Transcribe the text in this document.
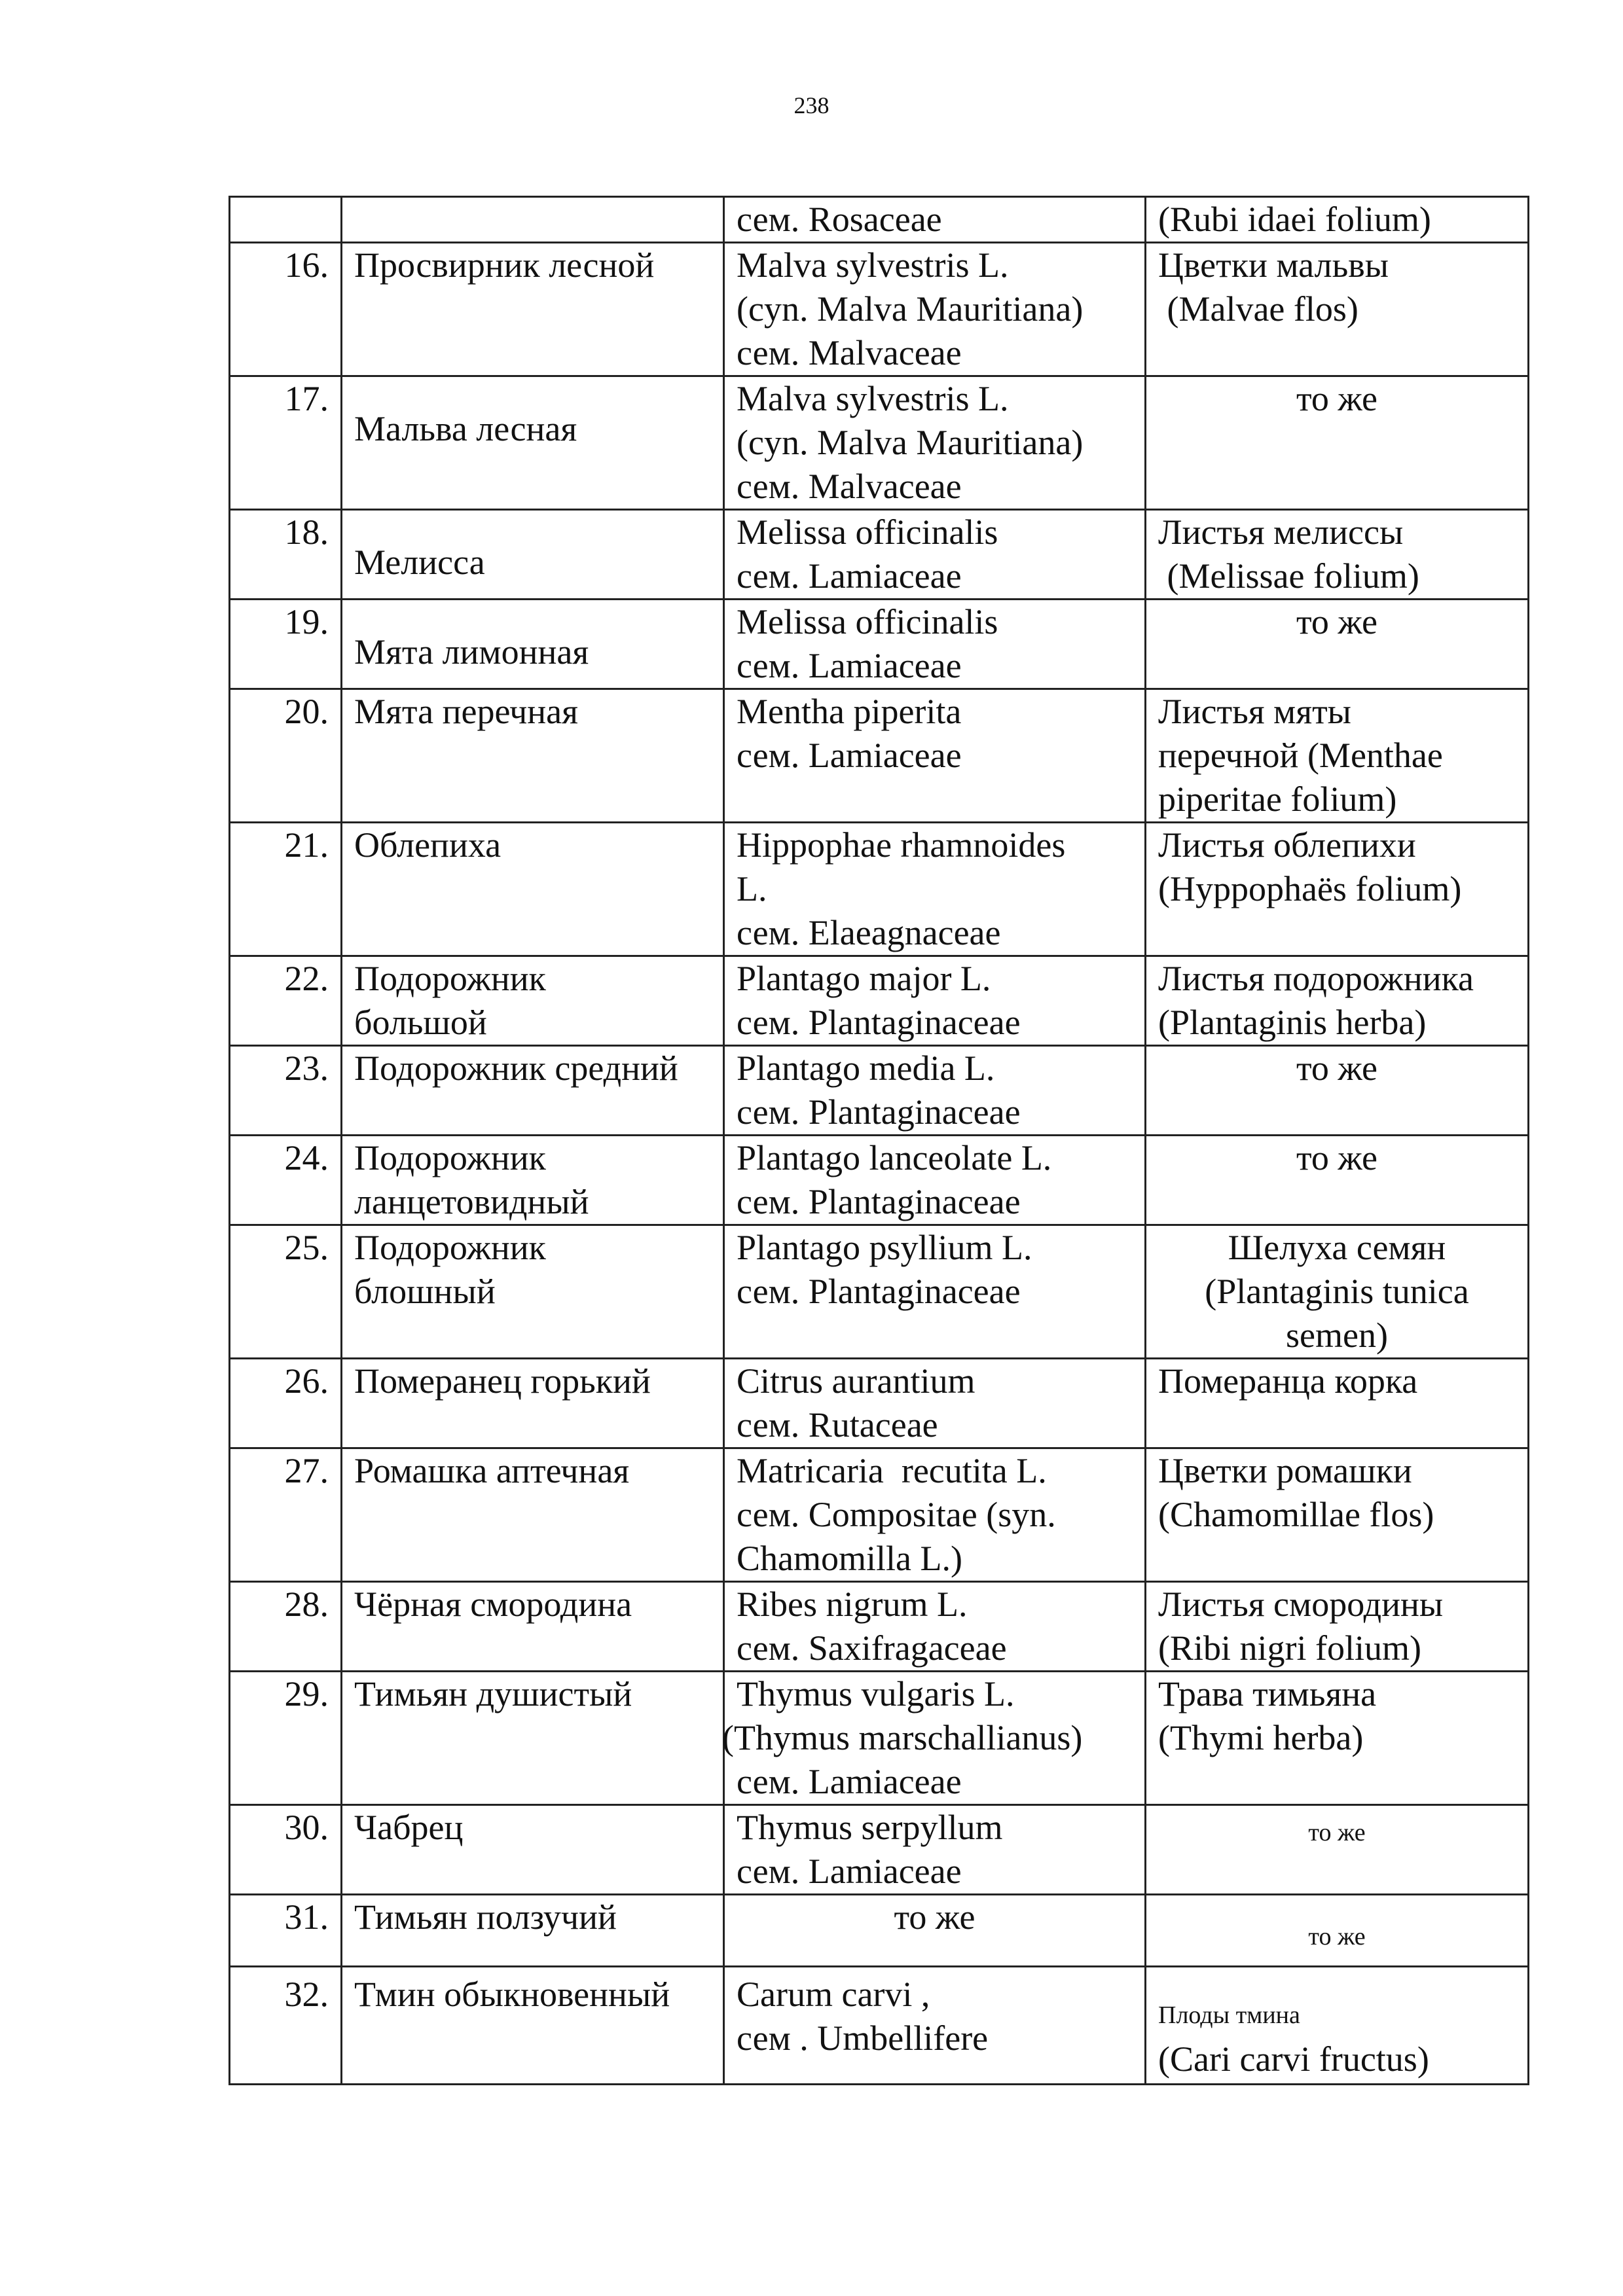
238

		сем. Rosaceae	(Rubi idaei folium)

16.	Просвирник лесной	Malva sylvestris L.
(cyn. Malva Mauritiana)
сем. Malvaceae	Цветки мальвы
(Malvae flos)

17.	Мальва лесная	Malva sylvestris L.
(cyn. Malva Mauritiana)
сем. Malvaceae	то же

18.	Мелисса	Melissa officinalis
сем. Lamiaceae	Листья мелиссы
(Melissae folium)

19.	Мята лимонная	Melissa officinalis
сем. Lamiaceae	то же

20.	Мята перечная	Mentha piperita
сем. Lamiaceae	Листья мяты
перечной (Menthae
piperitae folium)

21.	Облепиха	Hippophae rhamnoides
L.
сем. Elaeagnaceae	Листья облепихи
(Hyppophaës folium)

22.	Подорожник
большой	Plantago major L.
сем. Plantaginaceae	Листья подорожника
(Plantaginis herba)

23.	Подорожник средний	Plantago media L.
сем. Plantaginaceae	то же

24.	Подорожник
ланцетовидный	Plantago lanceolate L.
сем. Plantaginaceae	то же

25.	Подорожник
блошный	Plantago psyllium L.
сем. Plantaginaceae	Шелуха семян
(Plantaginis tunica
semen)

26.	Померанец горький	Citrus aurantium
сем. Rutaceae	Померанца корка

27.	Ромашка аптечная	Matricaria  recutita L.
сем. Compositae (syn.
Chamomilla L.)	Цветки ромашки
(Chamomillae flos)

28.	Чёрная смородина	Ribes nigrum L.
сем. Saxifragaceae	Листья смородины
(Ribi nigri folium)

29.	Тимьян душистый	Thymus vulgaris L.
(Thymus marschallianus)
сем. Lamiaceae	Трава тимьяна
(Thymi herba)

30.	Чабрец	Thymus serpyllum
сем. Lamiaceae	то же

31.	Тимьян ползучий	то же	то же

32.	Тмин обыкновенный	Carum carvi ,
сем . Umbellifere	Плоды тмина
(Cari carvi fructus)
